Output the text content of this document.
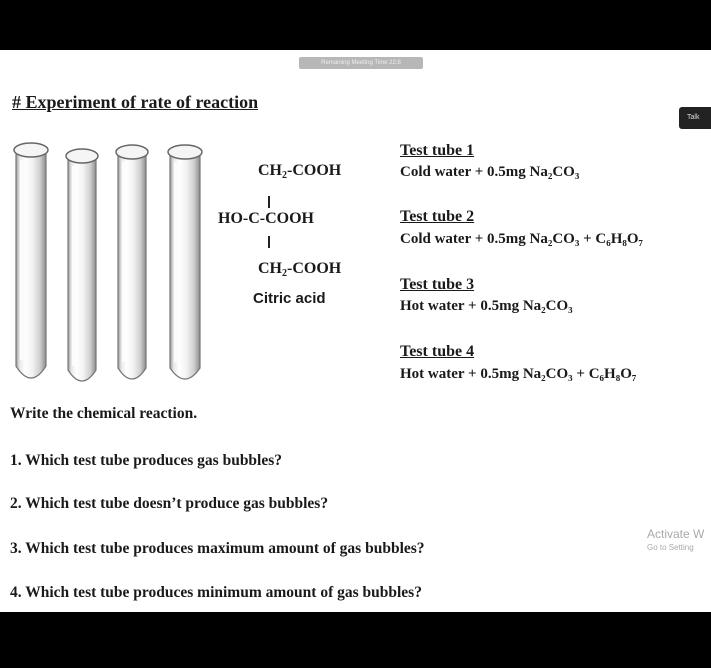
Remaining Meeting Time 22:8
Talk
# Experiment of rate of reaction
$CH_2$-COOH
HO-C-COOH
$CH_2$-COOH
Citric acid
Test tube 1
Cold water + 0.5mg Na₂CO₃
Test tube 2
Cold water + 0.5mg Na₂CO₃ + C₆H₈O₇
Test tube 3
Hot water + 0.5mg Na₂CO₃
Test tube 4
Hot water + 0.5mg Na₂CO₃ + C₆H₈O₇
Write the chemical reaction.
1. Which test tube produces gas bubbles?
2. Which test tube doesn’t produce gas bubbles?
3. Which test tube produces maximum amount of gas bubbles?
4. Which test tube produces minimum amount of gas bubbles?
Activate W
Go to Setting
